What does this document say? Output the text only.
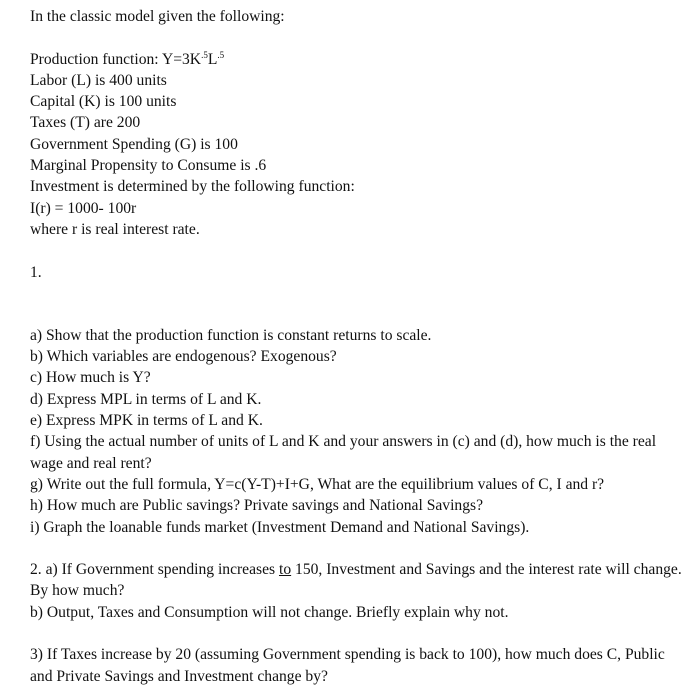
In the classic model given the following:
Production function: $Y=3K^{.5}L^{.5}$
Labor (L) is 400 units
Capital (K) is 100 units
Taxes (T) are 200
Government Spending (G) is 100
Marginal Propensity to Consume is .6
Investment is determined by the following function:
I(r) = 1000- 100r
where r is real interest rate.
1.
a) Show that the production function is constant returns to scale.
b) Which variables are endogenous? Exogenous?
c) How much is Y?
d) Express MPL in terms of L and K.
e) Express MPK in terms of L and K.
f) Using the actual number of units of L and K and your answers in (c) and (d), how much is the real wage and real rent?
g) Write out the full formula, Y=c(Y-T)+I+G, What are the equilibrium values of C, I and r?
h) How much are Public savings? Private savings and National Savings?
i) Graph the loanable funds market (Investment Demand and National Savings).
2. a) If Government spending increases to 150, Investment and Savings and the interest rate will change. By how much?
b) Output, Taxes and Consumption will not change. Briefly explain why not.
3) If Taxes increase by 20 (assuming Government spending is back to 100), how much does C, Public and Private Savings and Investment change by?
